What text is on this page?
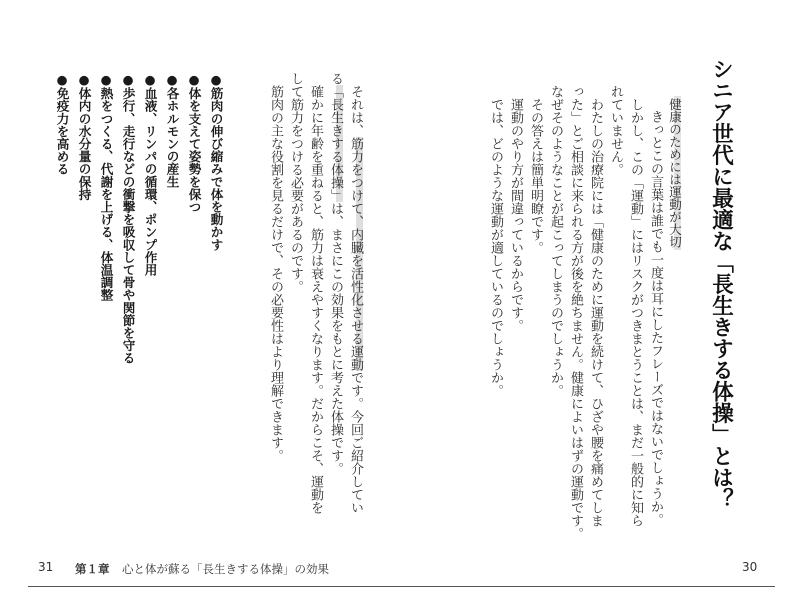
シニア世代に最適な「長生きする体操」とは？
健康のためには運動が大切
きっとこの言葉は誰でも一度は耳にしたフレーズではないでしょうか。
しかし、この「運動」にはリスクがつきまとうことは、まだ一般的に知ら
れていません。
わたしの治療院には「健康のために運動を続けて、ひざや腰を痛めてしま
った」とご相談に来られる方が後を絶ちません。健康によいはずの運動です。
なぜそのようなことが起こってしまうのでしょうか。
その答えは簡単明瞭です。
運動のやり方が間違っているからです。
では、どのような運動が適しているのでしょうか。
30
それは、筋力をつけて、内臓を活性化させる運動です。今回ご紹介してい
る「長生きする体操」は、まさにこの効果をもとに考えた体操です。
確かに年齢を重ねると、筋力は衰えやすくなります。だからこそ、運動を
して筋力をつける必要があるのです。
筋肉の主な役割を見るだけで、その必要性はより理解できます。
●筋肉の伸び縮みで体を動かす
●体を支えて姿勢を保つ
●各ホルモンの産生
●血液、リンパの循環、ポンプ作用
●歩行、走行などの衝撃を吸収して骨や関節を守る
●熱をつくる、代謝を上げる、体温調整
●体内の水分量の保持
●免疫力を高める
31 第１章 心と体が蘇る「長生きする体操」の効果
